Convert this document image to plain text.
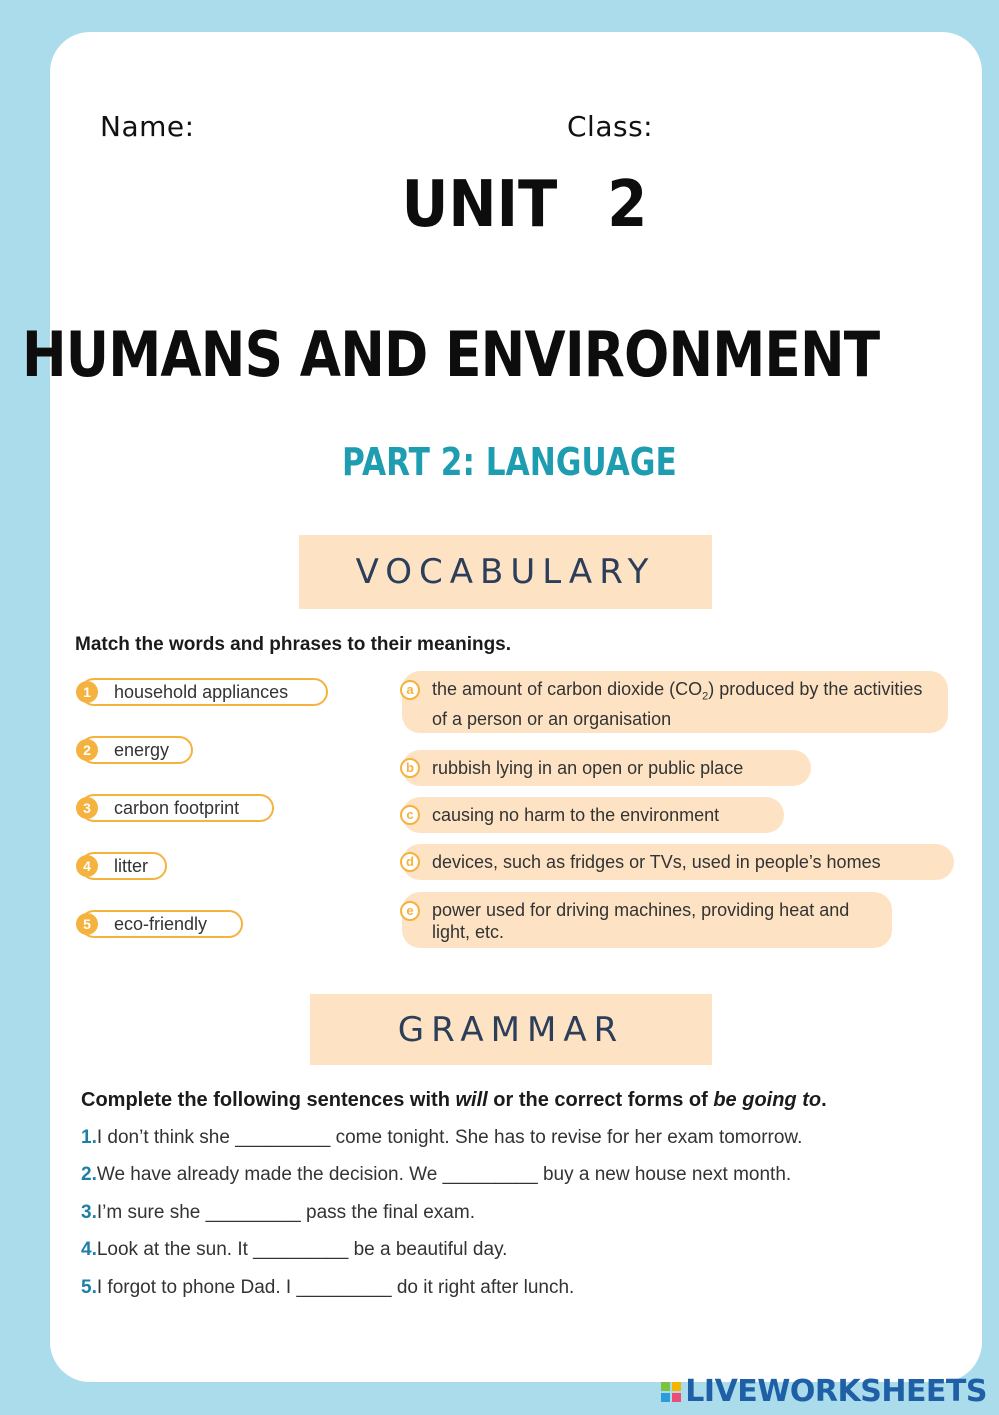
Name:	Class:
UNIT 2
HUMANS AND ENVIRONMENT
PART 2: LANGUAGE
VOCABULARY
Match the words and phrases to their meanings.
1	household appliances
2	energy
3	carbon footprint
4	litter
5	eco-friendly
a	the amount of carbon dioxide $(CO_2)$ produced by the activities of a person or an organisation
b	rubbish lying in an open or public place
c	causing no harm to the environment
d	devices, such as fridges or TVs, used in people’s homes
e	power used for driving machines, providing heat and light, etc.
GRAMMAR
Complete the following sentences with will or the correct forms of be going to.
1.I don’t think she _________ come tonight. She has to revise for her exam tomorrow.
2.We have already made the decision. We _________ buy a new house next month.
3.I’m sure she _________ pass the final exam.
4.Look at the sun. It _________ be a beautiful day.
5.I forgot to phone Dad. I _________ do it right after lunch.
LIVEWORKSHEETS
